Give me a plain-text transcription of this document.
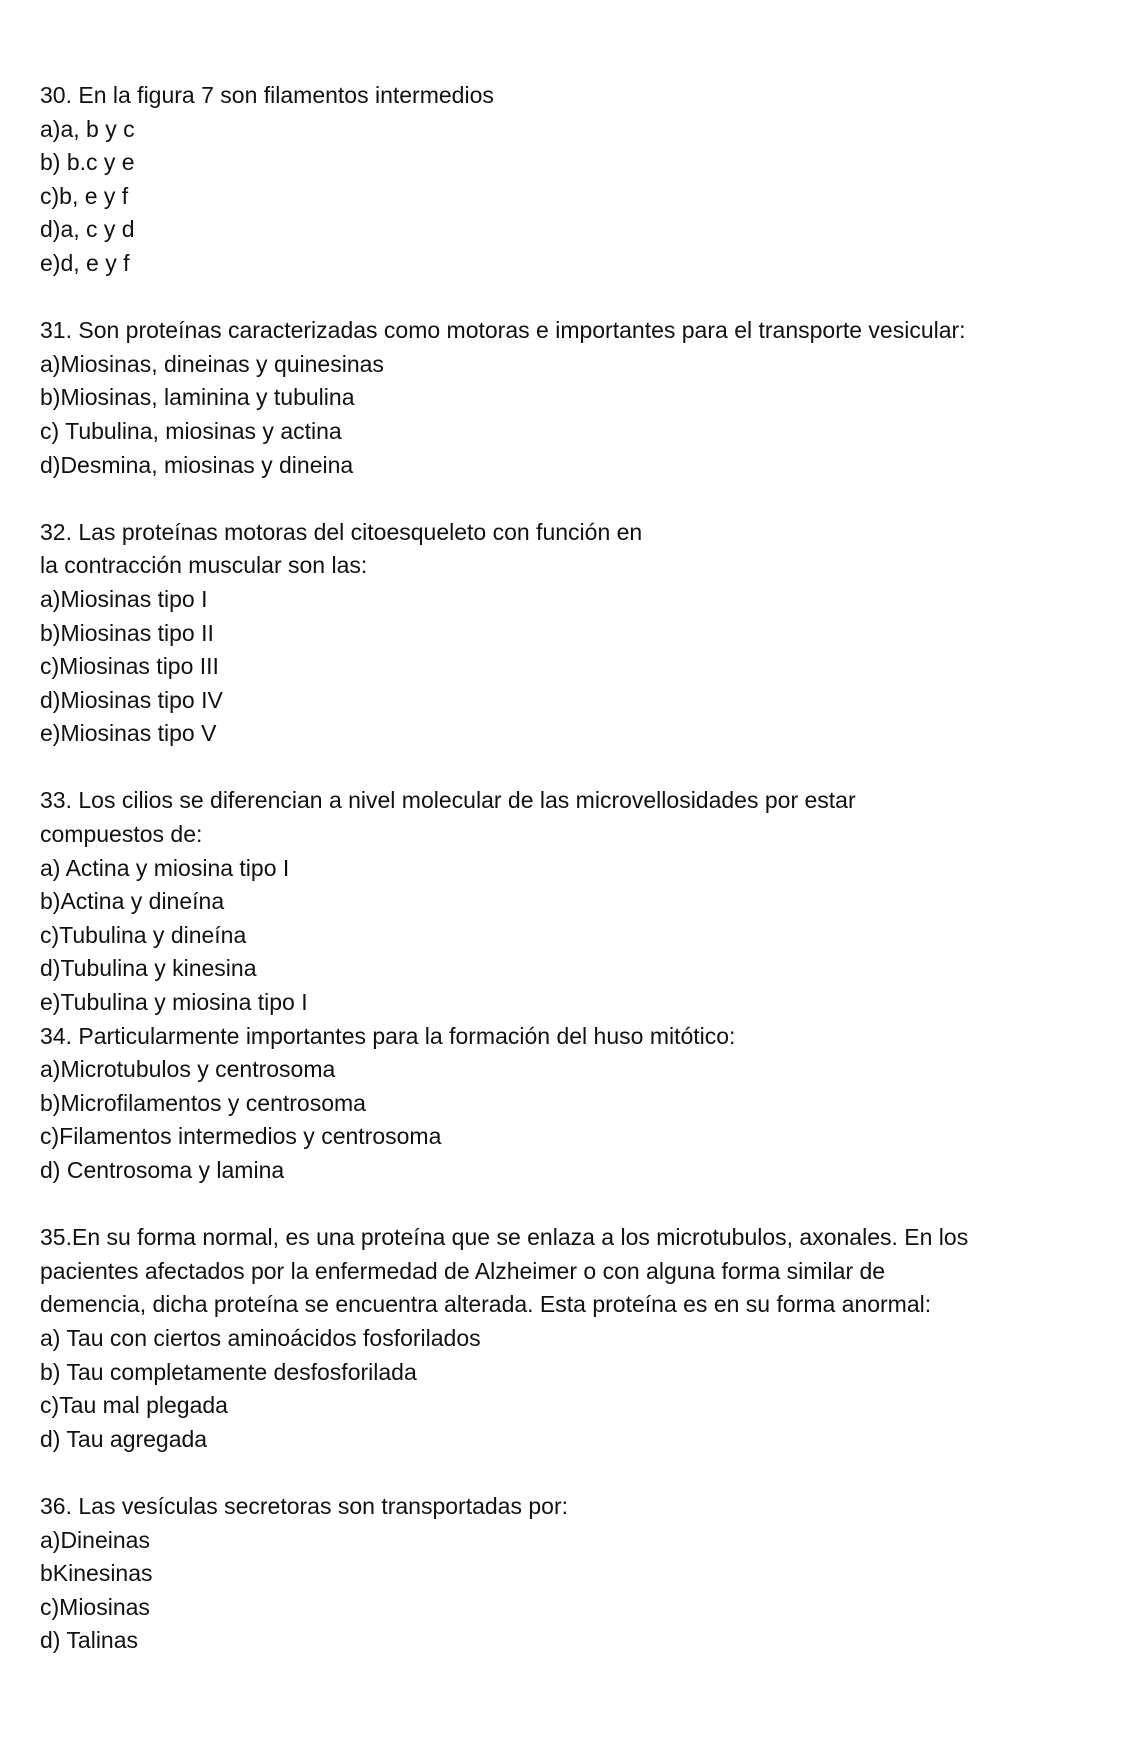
30. En la figura 7 son filamentos intermedios
a)a, b y c
b) b.c y e
c)b, e y f
d)a, c y d
e)d, e y f
31. Son proteínas caracterizadas como motoras e importantes para el transporte vesicular:
a)Miosinas, dineinas y quinesinas
b)Miosinas, laminina y tubulina
c) Tubulina, miosinas y actina
d)Desmina, miosinas y dineina
32. Las proteínas motoras del citoesqueleto con función en
la contracción muscular son las:
a)Miosinas tipo I
b)Miosinas tipo II
c)Miosinas tipo III
d)Miosinas tipo IV
e)Miosinas tipo V
33. Los cilios se diferencian a nivel molecular de las microvellosidades por estar
compuestos de:
a) Actina y miosina tipo I
b)Actina y dineína
c)Tubulina y dineína
d)Tubulina y kinesina
e)Tubulina y miosina tipo I
34. Particularmente importantes para la formación del huso mitótico:
a)Microtubulos y centrosoma
b)Microfilamentos y centrosoma
c)Filamentos intermedios y centrosoma
d) Centrosoma y lamina
35.En su forma normal, es una proteína que se enlaza a los microtubulos, axonales. En los
pacientes afectados por la enfermedad de Alzheimer o con alguna forma similar de
demencia, dicha proteína se encuentra alterada. Esta proteína es en su forma anormal:
a) Tau con ciertos aminoácidos fosforilados
b) Tau completamente desfosforilada
c)Tau mal plegada
d) Tau agregada
36. Las vesículas secretoras son transportadas por:
a)Dineinas
bKinesinas
c)Miosinas
d) Talinas
